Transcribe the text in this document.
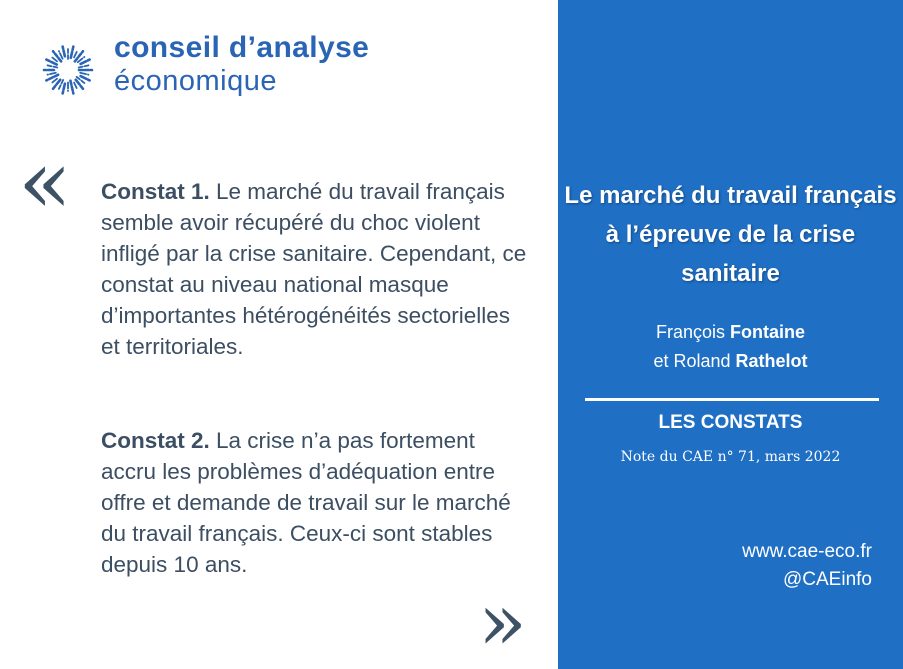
conseil d’analyse
économique
« Constat 1. Le marché du travail français semble avoir récupéré du choc violent infligé par la crise sanitaire. Cependant, ce constat au niveau national masque d’importantes hétérogénéités sectorielles et territoriales.
Constat 2. La crise n’a pas fortement accru les problèmes d’adéquation entre offre et demande de travail sur le marché du travail français. Ceux-ci sont stables depuis 10 ans.
»
Le marché du travail français à l’épreuve de la crise sanitaire
François Fontaine
et Roland Rathelot
LES CONSTATS
Note du CAE n° 71, mars 2022
www.cae-eco.fr
@CAEinfo
